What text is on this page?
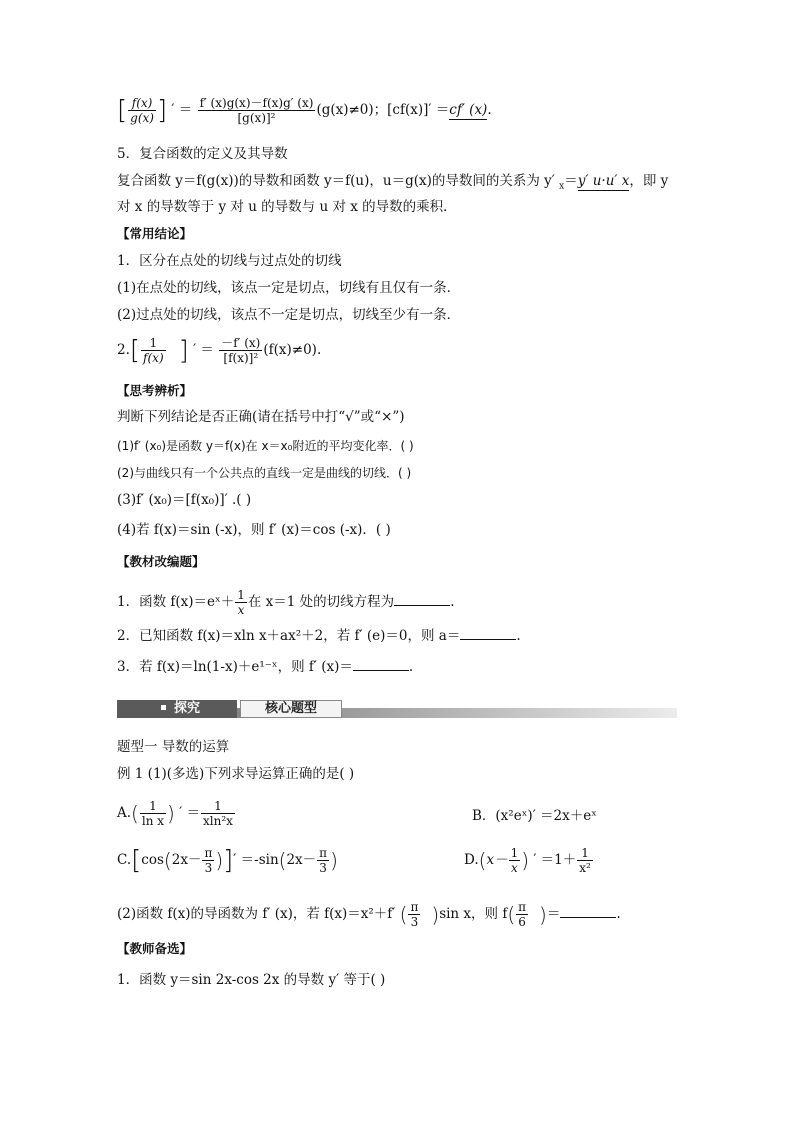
[ $\frac{f(x)}{g(x)}$ ] ′ ＝ $\frac{f' (x)g(x)-f(x)g' (x)}{\text{[g(x)]²}} (g(x)\ne 0)$；[cf(x)]′ ＝cf′ (x).
5．复合函数的定义及其导数
复合函数 y＝f(g(x))的导数和函数 y＝f(u)，u＝g(x)的导数间的关系为 y′ $_x$＝y′ u·u′ x，即 y
对 x 的导数等于 y 对 u 的导数与 u 对 x 的导数的乘积．
【常用结论】
1．区分在点处的切线与过点处的切线
(1)在点处的切线，该点一定是切点，切线有且仅有一条．
(2)过点处的切线，该点不一定是切点，切线至少有一条．
$2.[ \frac{1}{f(x)}$ ] ′ ＝ $\frac{-f' (x)}{\text{[f(x)]²}} (f(x)\ne 0)$.
【思考辨析】
判断下列结论是否正确(请在括号中打“√”或“×”)
(1)f′ (x₀)是函数 y＝f(x)在 x＝x₀附近的平均变化率．( )
(2)与曲线只有一个公共点的直线一定是曲线的切线．( )
(3)f′ (x₀)＝[f(x₀)]′ .( )
(4)若 f(x)＝sin (-x)，则 f′ (x)＝cos (-x)．( )
【教材改编题】
1．函数 f(x)＝eˣ＋ $\frac{1}{x}$ 在 x＝1 处的切线方程为	.
2．已知函数 f(x)＝xln x＋ax²＋2，若 f′ (e)＝0，则 a＝	.
3．若 f(x)＝ln(1-x)＋e¹⁻ˣ，则 f′ (x)＝	.
探究	核心题型
题型一 导数的运算
例 1 (1)(多选)下列求导运算正确的是( )
$A.( \frac{1}{\text{ln x}}$ ) ′ ＝ $\frac{1}{\text{xln²x}}$	B．(x²eˣ)′ ＝2x＋eˣ
$C.[\cos(2x- \frac{\pi}{3}$ )]′ $=-\sin(2x- \frac{\pi}{3}$ )	$D.(x- \frac{1}{x}$ ) ′ $=1+ \frac{1}{\text{x²}}$
(2)函数 f(x)的导函数为 f′ (x)，若 f(x)＝x²＋f′ ( $\frac{\pi}{3} )\sin$ x，则 $f( \frac{\pi}{6}$ )＝	.
【教师备选】
1．函数 y＝sin 2x-cos 2x 的导数 y′ 等于( )
